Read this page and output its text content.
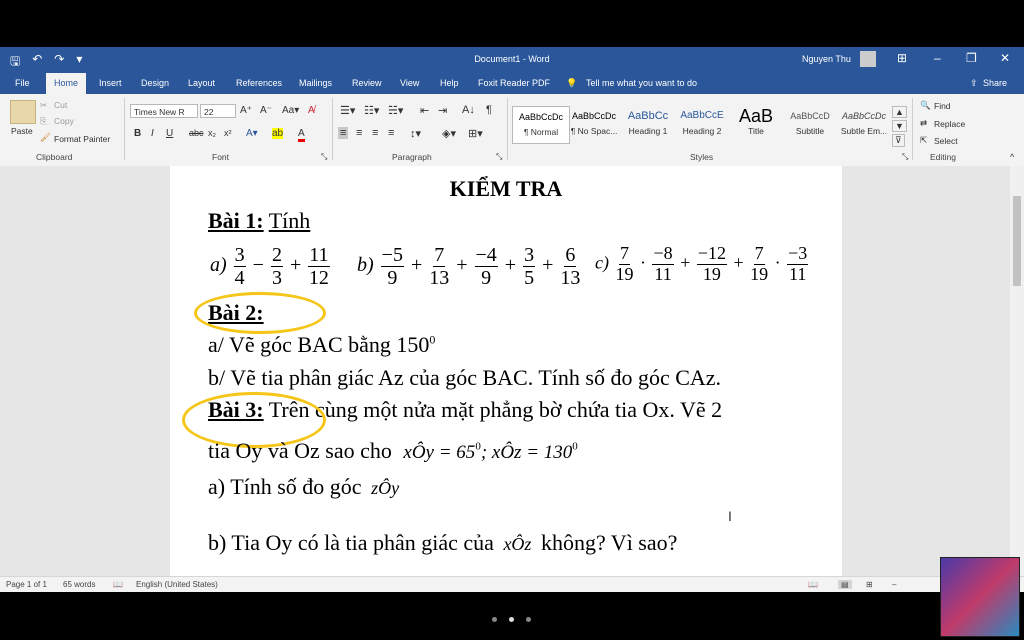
🖫 ↶ ↷ ▾	Document1 - Word	Nguyen Thu	⊞ – ❐ ✕
File	Home	Insert Design Layout References Mailings Review View Help Foxit Reader PDF 💡 Tell me what you want to do	⇪ Share
Paste
✂ Cut
⎘ Copy
🖌 Format Painter
Clipboard
Times New R	22	A⁺ A⁻ Aa▾ A̸
B I U abc x₂ x² A▾ ab A
Font	⤡
☰▾ ☷▾ ☵▾ ⇤ ⇥ A↓ ¶
≡ ≡ ≡ ≡ ↕▾ ◈▾ ⊞▾
Paragraph	⤡
AaBbCcDc
¶ Normal
AaBbCcDc
¶ No Spac...
AaBbCc
Heading 1
AaBbCcE
Heading 2
AaB
Title
AaBbCcD
Subtitle
AaBbCcDc
Subtle Em...
▲
▼
⊽
Styles	⤡
🔍 Find
⇄ Replace
⇱ Select
Editing	^
KIỂM TRA
Bài 1: Tính
$a) \frac{3}{4} - \frac{2}{3} + \frac{11}{12} b) \frac{-5}{9} + \frac{7}{13} + \frac{-4}{9} + \frac{3}{5} + \frac{6}{13} c) \frac{7}{19} \cdot \frac{-8}{11} + \frac{-12}{19} + \frac{7}{19} \cdot \frac{-3}{11}$
Bài 2:
a/ Vẽ góc BAC bằng $150^0$
b/ Vẽ tia phân giác Az của góc BAC. Tính số đo góc CAz.
Bài 3: Trên cùng một nửa mặt phẳng bờ chứa tia Ox. Vẽ 2
tia Oy và Oz sao cho xÔy = $65^0$; xÔz = $130^0$
a) Tính số đo góc zÔy
b) Tia Oy có là tia phân giác của xÔz không? Vì sao?
I
Page 1 of 1 65 words 📖 English (United States)	📖	▤	⊞ –
